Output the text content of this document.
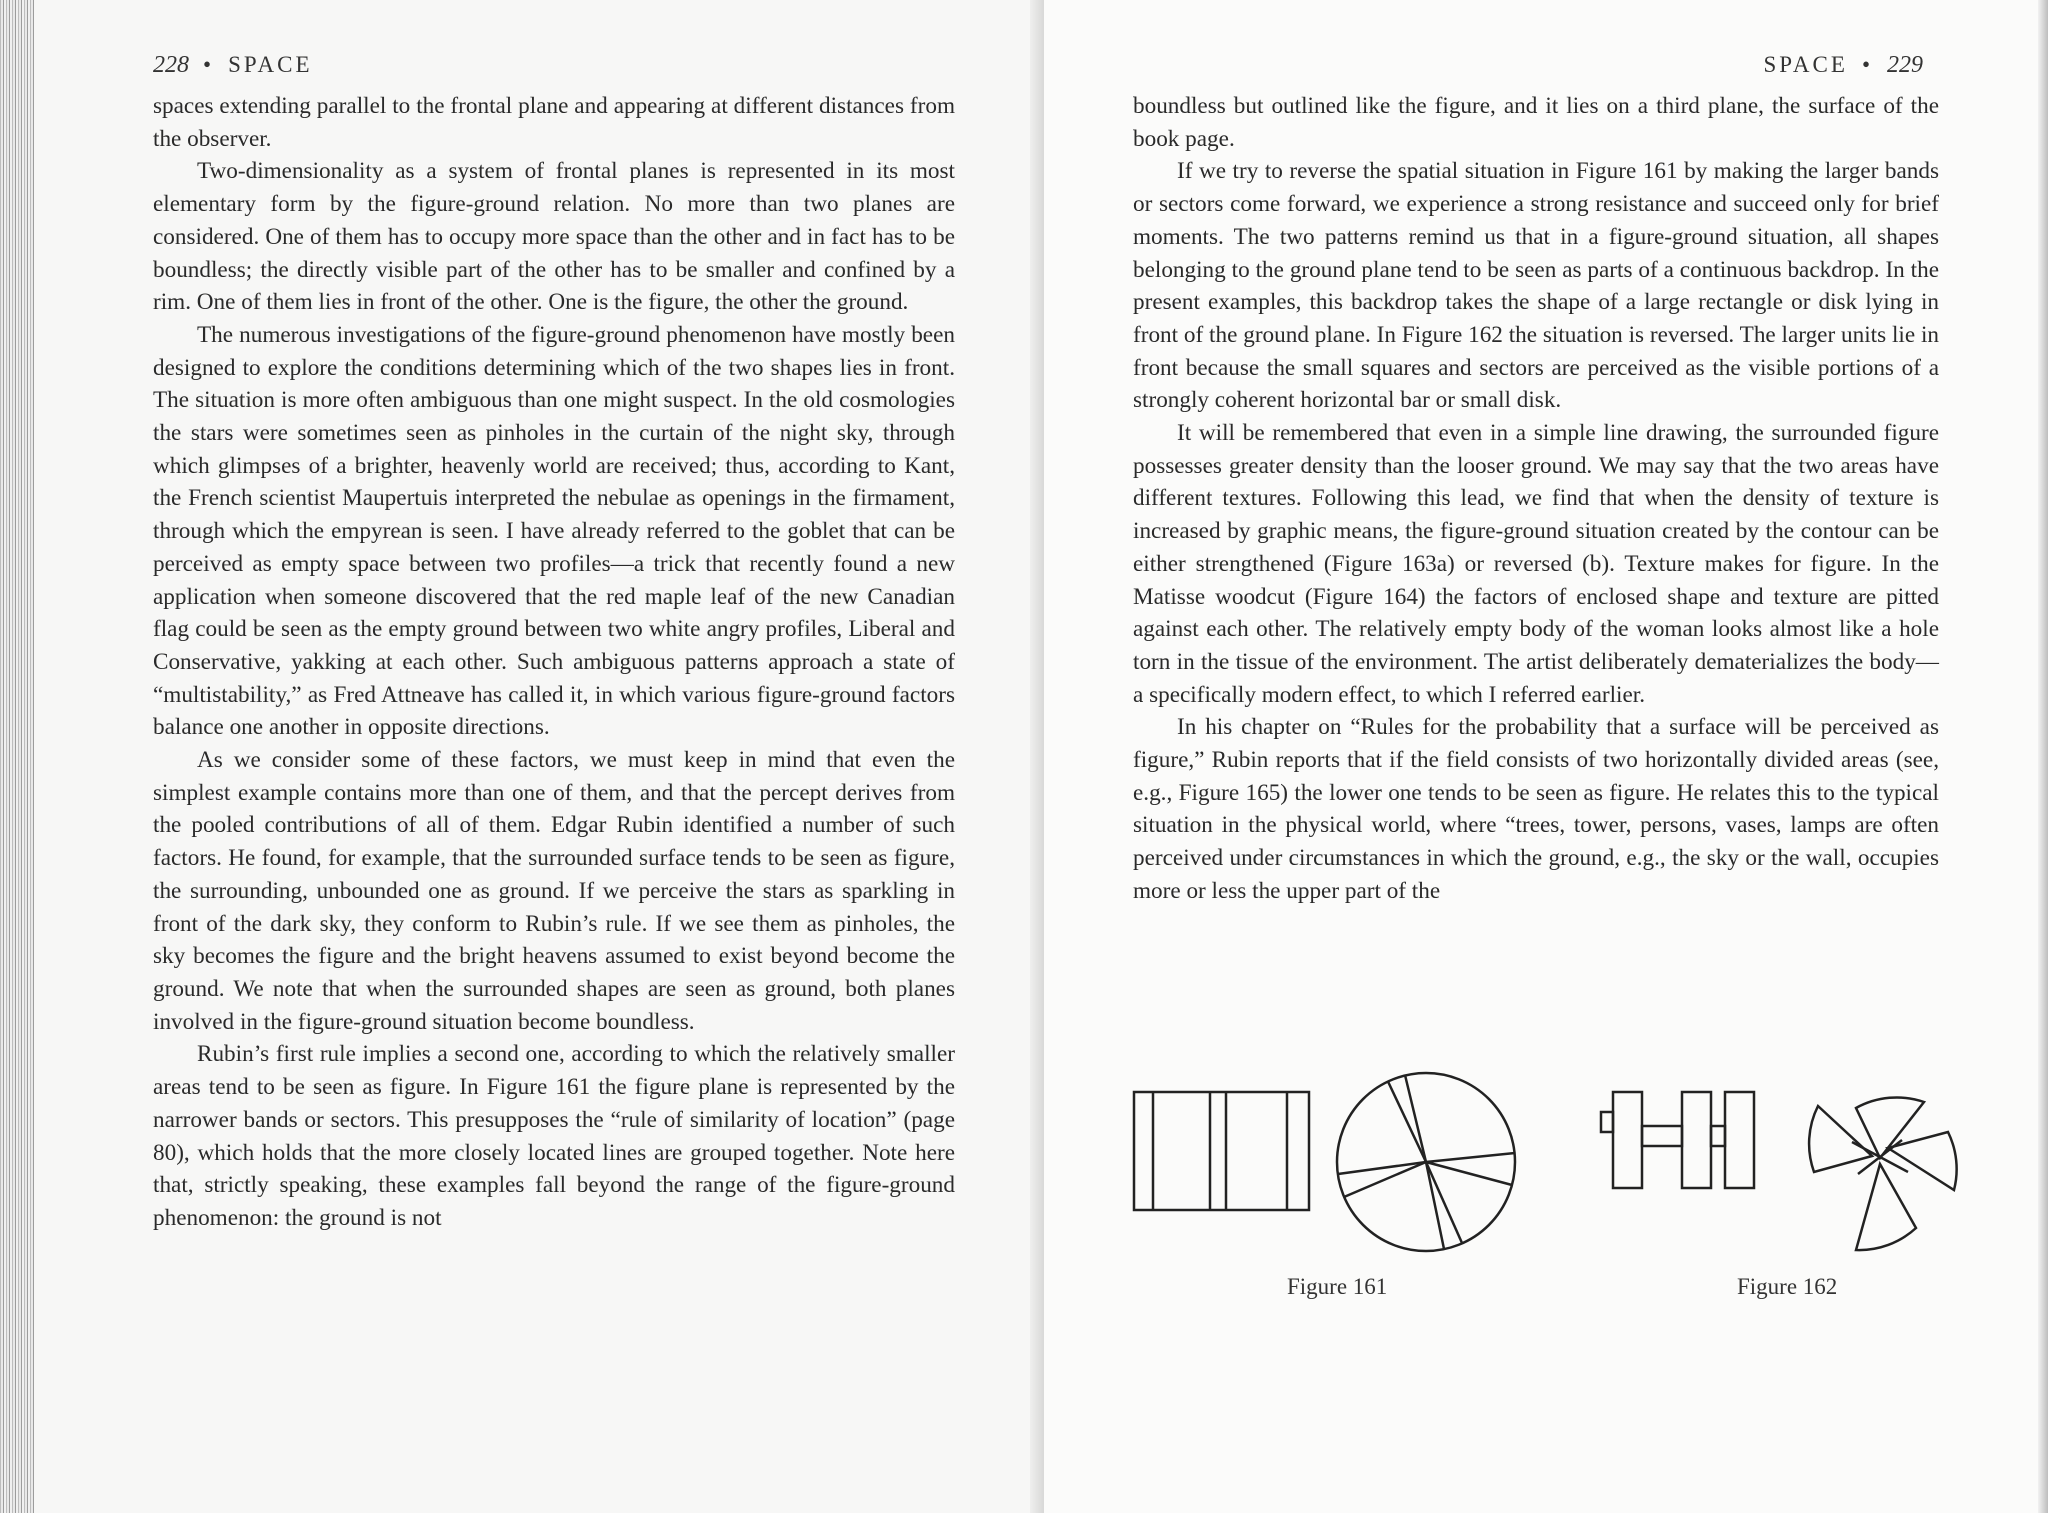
228 • SPACE

spaces extending parallel to the frontal plane and appearing at different distances from the observer.

Two-dimensionality as a system of frontal planes is represented in its most elementary form by the figure-ground relation. No more than two planes are considered. One of them has to occupy more space than the other and in fact has to be boundless; the directly visible part of the other has to be smaller and confined by a rim. One of them lies in front of the other. One is the figure, the other the ground.

The numerous investigations of the figure-ground phenomenon have mostly been designed to explore the conditions determining which of the two shapes lies in front. The situation is more often ambiguous than one might suspect. In the old cosmologies the stars were sometimes seen as pinholes in the curtain of the night sky, through which glimpses of a brighter, heavenly world are received; thus, according to Kant, the French scientist Maupertuis interpreted the nebulae as openings in the firmament, through which the empyrean is seen. I have already referred to the goblet that can be perceived as empty space between two profiles—a trick that recently found a new application when someone discovered that the red maple leaf of the new Canadian flag could be seen as the empty ground between two white angry profiles, Liberal and Conservative, yakking at each other. Such ambiguous patterns approach a state of “multistability,” as Fred Attneave has called it, in which various figure-ground factors balance one another in opposite directions.

As we consider some of these factors, we must keep in mind that even the simplest example contains more than one of them, and that the percept derives from the pooled contributions of all of them. Edgar Rubin identified a number of such factors. He found, for example, that the surrounded surface tends to be seen as figure, the surrounding, unbounded one as ground. If we perceive the stars as sparkling in front of the dark sky, they conform to Rubin’s rule. If we see them as pinholes, the sky becomes the figure and the bright heavens assumed to exist beyond become the ground. We note that when the surrounded shapes are seen as ground, both planes involved in the figure-ground situation become boundless.

Rubin’s first rule implies a second one, according to which the relatively smaller areas tend to be seen as figure. In Figure 161 the figure plane is represented by the narrower bands or sectors. This presupposes the “rule of similarity of location” (page 80), which holds that the more closely located lines are grouped together. Note here that, strictly speaking, these examples fall beyond the range of the figure-ground phenomenon: the ground is not

SPACE • 229

boundless but outlined like the figure, and it lies on a third plane, the surface of the book page.

If we try to reverse the spatial situation in Figure 161 by making the larger bands or sectors come forward, we experience a strong resistance and succeed only for brief moments. The two patterns remind us that in a figure-ground situation, all shapes belonging to the ground plane tend to be seen as parts of a continuous backdrop. In the present examples, this backdrop takes the shape of a large rectangle or disk lying in front of the ground plane. In Figure 162 the situation is reversed. The larger units lie in front because the small squares and sectors are perceived as the visible portions of a strongly coherent horizontal bar or small disk.

It will be remembered that even in a simple line drawing, the surrounded figure possesses greater density than the looser ground. We may say that the two areas have different textures. Following this lead, we find that when the density of texture is increased by graphic means, the figure-ground situation created by the contour can be either strengthened (Figure 163a) or reversed (b). Texture makes for figure. In the Matisse woodcut (Figure 164) the factors of enclosed shape and texture are pitted against each other. The relatively empty body of the woman looks almost like a hole torn in the tissue of the environment. The artist deliberately dematerializes the body—a specifically modern effect, to which I referred earlier.

In his chapter on “Rules for the probability that a surface will be perceived as figure,” Rubin reports that if the field consists of two horizontally divided areas (see, e.g., Figure 165) the lower one tends to be seen as figure. He relates this to the typical situation in the physical world, where “trees, tower, persons, vases, lamps are often perceived under circumstances in which the ground, e.g., the sky or the wall, occupies more or less the upper part of the

Figure 161	Figure 162
